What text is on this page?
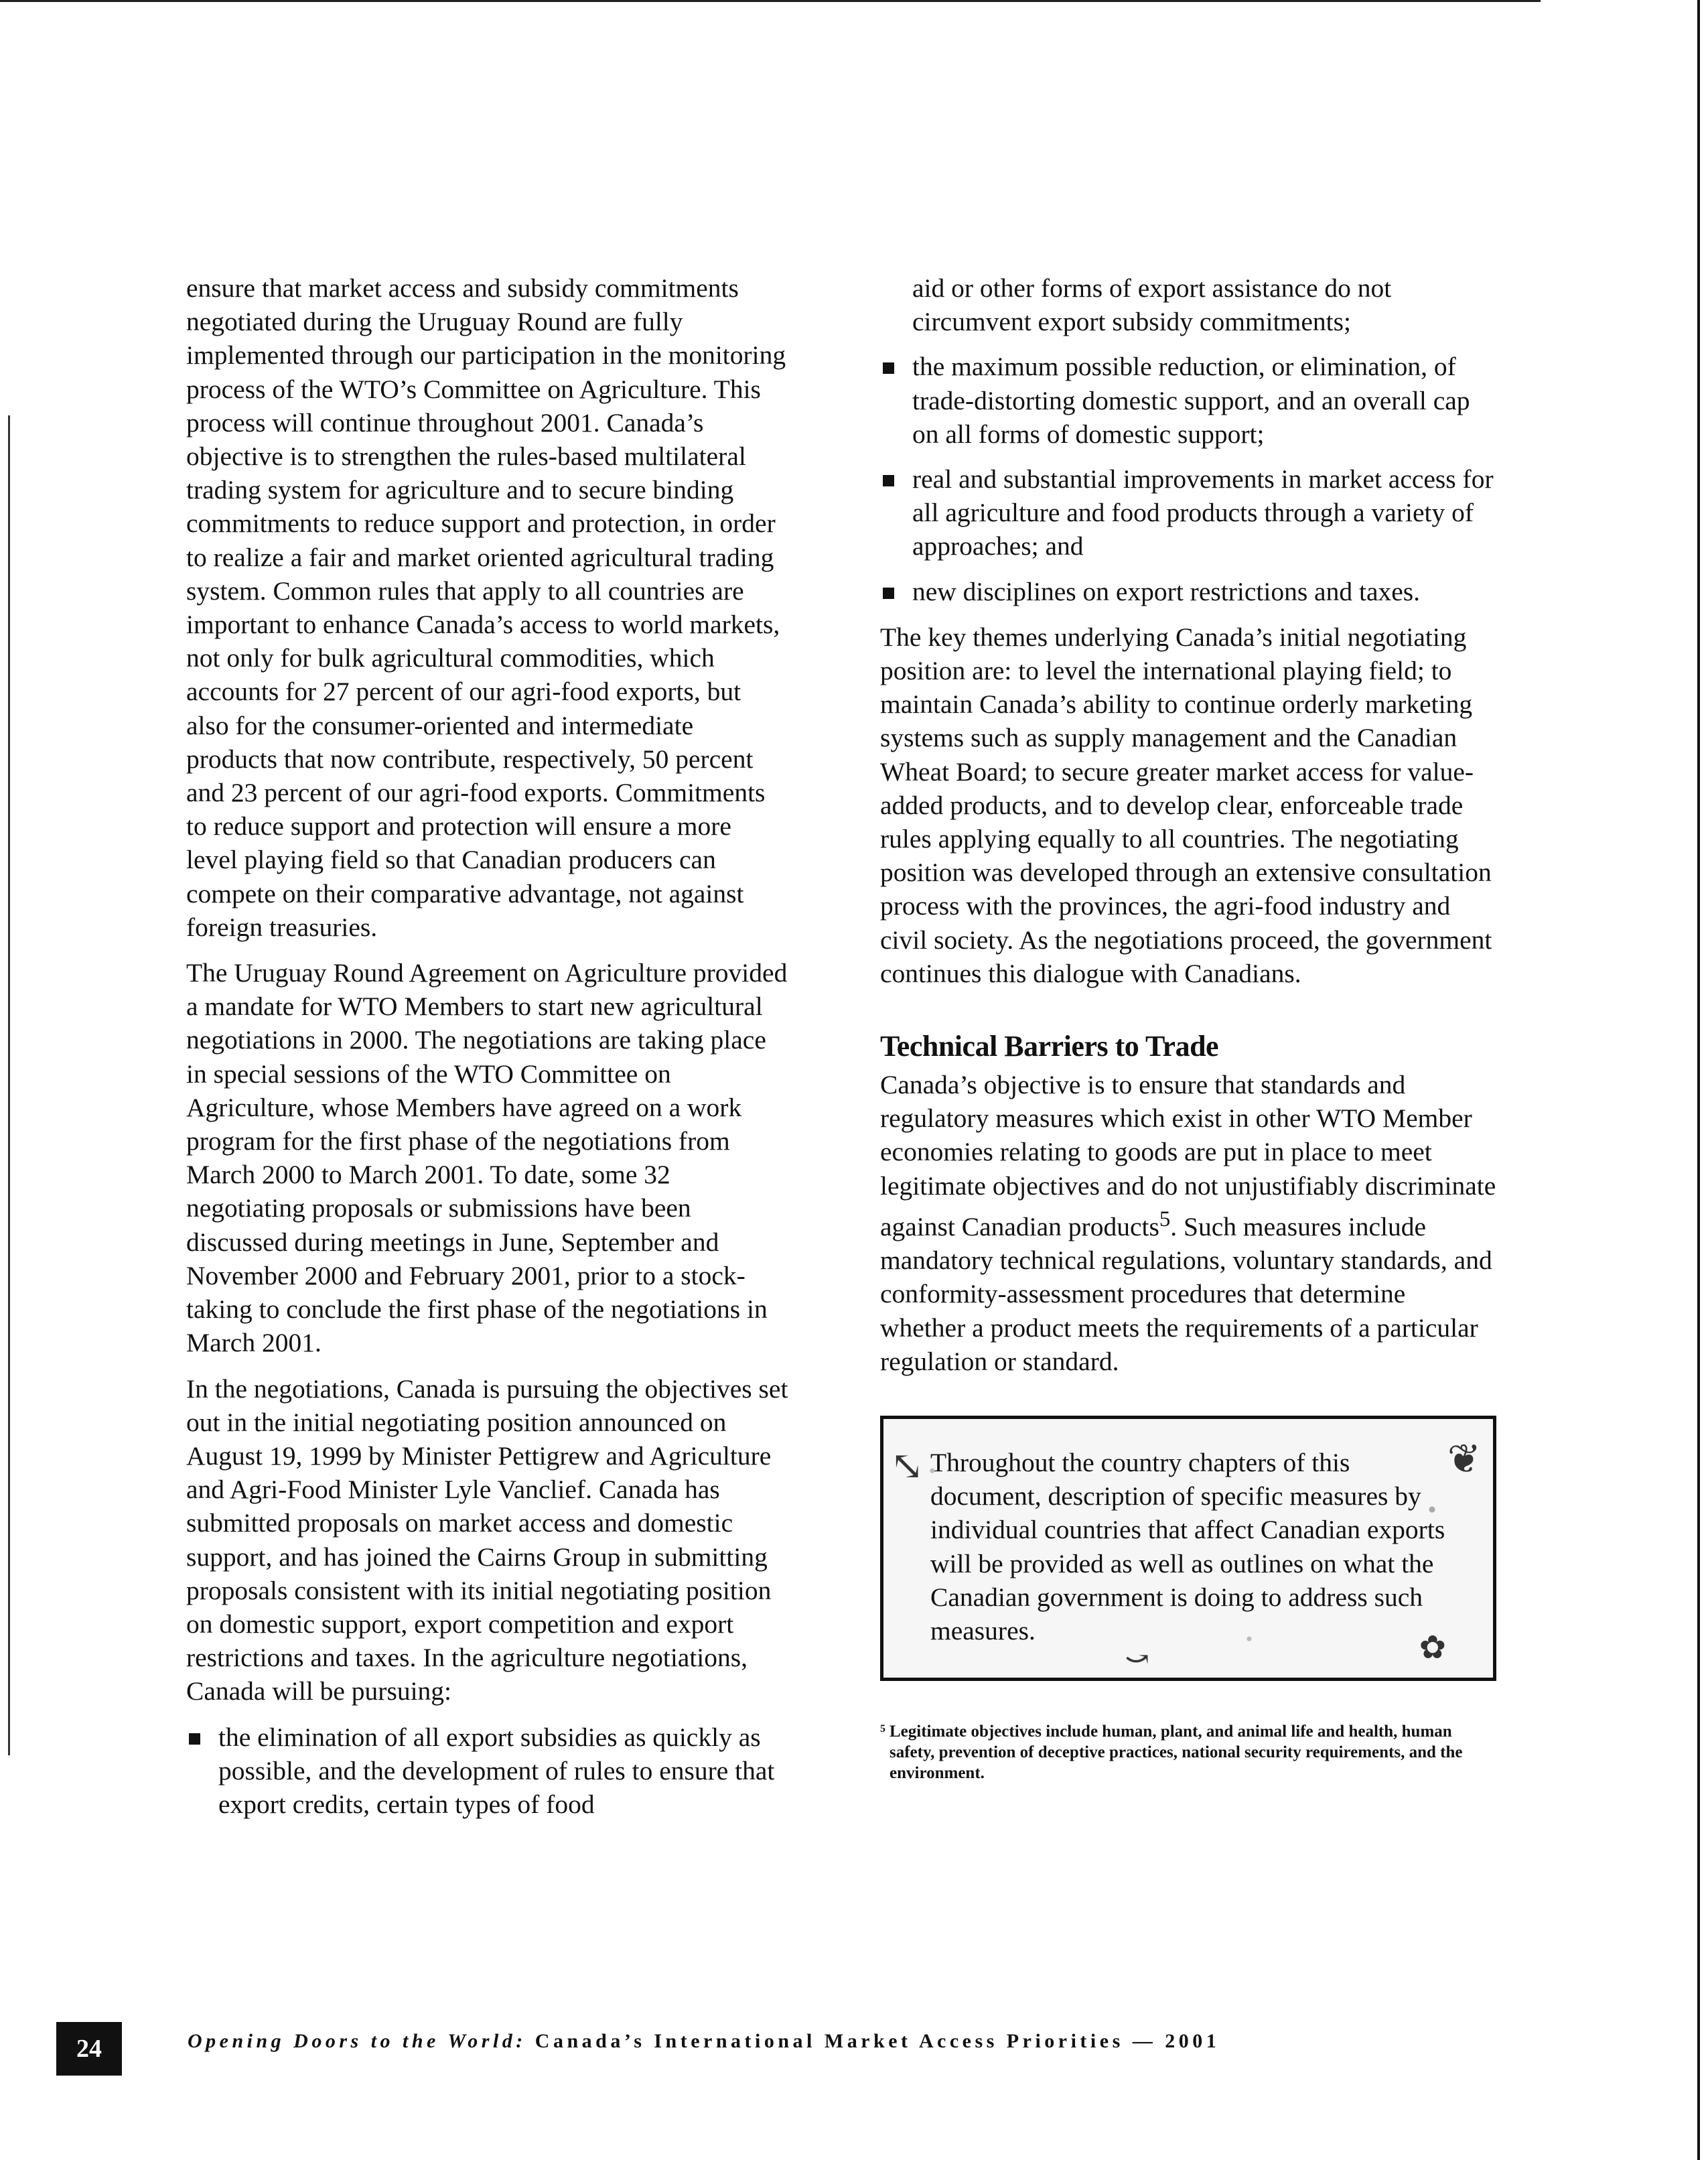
ensure that market access and subsidy commitments negotiated during the Uruguay Round are fully implemented through our participation in the monitoring process of the WTO’s Committee on Agriculture. This process will continue throughout 2001. Canada’s objective is to strengthen the rules-based multilateral trading system for agriculture and to secure binding commitments to reduce support and protection, in order to realize a fair and market oriented agricultural trading system. Common rules that apply to all countries are important to enhance Canada’s access to world markets, not only for bulk agricultural commodities, which accounts for 27 percent of our agri-food exports, but also for the consumer-oriented and intermediate products that now contribute, respectively, 50 percent and 23 percent of our agri-food exports. Commitments to reduce support and protection will ensure a more level playing field so that Canadian producers can compete on their comparative advantage, not against foreign treasuries.

The Uruguay Round Agreement on Agriculture provided a mandate for WTO Members to start new agricultural negotiations in 2000. The negotiations are taking place in special sessions of the WTO Committee on Agriculture, whose Members have agreed on a work program for the first phase of the negotiations from March 2000 to March 2001. To date, some 32 negotiating proposals or submissions have been discussed during meetings in June, September and November 2000 and February 2001, prior to a stock-taking to conclude the first phase of the negotiations in March 2001.

In the negotiations, Canada is pursuing the objectives set out in the initial negotiating position announced on August 19, 1999 by Minister Pettigrew and Agriculture and Agri-Food Minister Lyle Vanclief. Canada has submitted proposals on market access and domestic support, and has joined the Cairns Group in submitting proposals consistent with its initial negotiating position on domestic support, export competition and export restrictions and taxes. In the agriculture negotiations, Canada will be pursuing:

the elimination of all export subsidies as quickly as possible, and the development of rules to ensure that export credits, certain types of food

aid or other forms of export assistance do not circumvent export subsidy commitments;

the maximum possible reduction, or elimination, of trade-distorting domestic support, and an overall cap on all forms of domestic support;
real and substantial improvements in market access for all agriculture and food products through a variety of approaches; and
new disciplines on export restrictions and taxes.

The key themes underlying Canada’s initial negotiating position are: to level the international playing field; to maintain Canada’s ability to continue orderly marketing systems such as supply management and the Canadian Wheat Board; to secure greater market access for value-added products, and to develop clear, enforceable trade rules applying equally to all countries. The negotiating position was developed through an extensive consultation process with the provinces, the agri-food industry and civil society. As the negotiations proceed, the government continues this dialogue with Canadians.

Technical Barriers to Trade

Canada’s objective is to ensure that standards and regulatory measures which exist in other WTO Member economies relating to goods are put in place to meet legitimate objectives and do not unjustifiably discriminate against Canadian products$^5$. Such measures include mandatory technical regulations, voluntary standards, and conformity-assessment procedures that determine whether a product meets the requirements of a particular regulation or standard.

⤡	❦
✿
⤻
Throughout the country chapters of this document, description of specific measures by individual countries that affect Canadian exports will be provided as well as outlines on what the Canadian government is doing to address such measures.
5 Legitimate objectives include human, plant, and animal life and health, human safety, prevention of deceptive practices, national security requirements, and the environment.
24	Opening Doors to the World: Canada’s International Market Access Priorities — 2001
